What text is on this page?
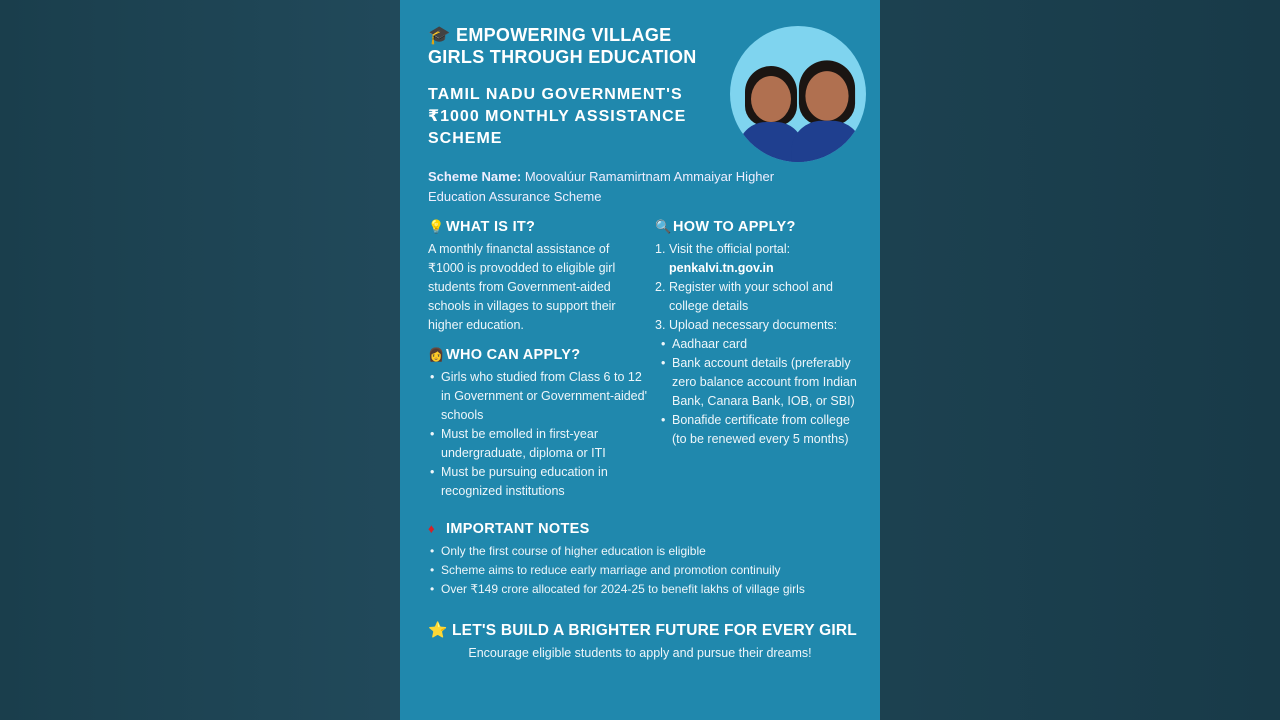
🎓 EMPOWERING VILLAGE GIRLS THROUGH EDUCATION
TAMIL NADU GOVERNMENT'S ₹1000 MONTHLY ASSISTANCE SCHEME
Scheme Name: Moovalúur Ramamirtnam Ammaiyar Higher Education Assurance Scheme
💡 WHAT IS IT?
A monthly financtal assistance of ₹1000 is provodded to eligible girl students from Government-aided schools in villages to support their higher education.
👩 WHO CAN APPLY?
• Girls who studied from Class 6 to 12 in Government or Government-aided' schools
• Must be emolled in first-year undergraduate, diploma or ITI
• Must be pursuing education in recognized institutions
🔍 HOW TO APPLY?
1. Visit the official portal:
penkalvi.tn.gov.in
2. Register with your school and college details
3. Upload necessary documents:
• Aadhaar card
• Bank account details (preferably zero balance account from Indian Bank, Canara Bank, IOB, or SBI)
• Bonafide certificate from college (to be renewed every 5 months)
♦ IMPORTANT NOTES
• Only the first course of higher education is eligible
• Scheme aims to reduce early marriage and promotion continuily
• Over ₹149 crore allocated for 2024-25 to benefit lakhs of village girls
⭐ LET'S BUILD A BRIGHTER FUTURE FOR EVERY GIRL
Encourage eligible students to apply and pursue their dreams!
